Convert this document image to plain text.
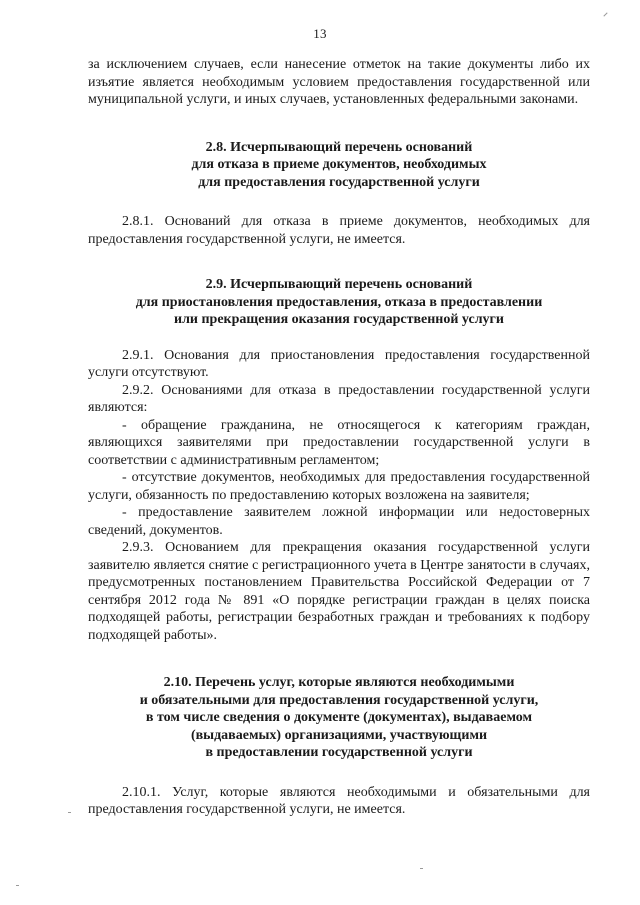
13

за исключением случаев, если нанесение отметок на такие документы либо их изъятие является необходимым условием предоставления государственной или муниципальной услуги, и иных случаев, установленных федеральными законами.

2.8. Исчерпывающий перечень оснований
для отказа в приеме документов, необходимых
для предоставления государственной услуги

2.8.1. Оснований для отказа в приеме документов, необходимых для предоставления государственной услуги, не имеется.

2.9. Исчерпывающий перечень оснований
для приостановления предоставления, отказа в предоставлении
или прекращения оказания государственной услуги

2.9.1. Основания для приостановления предоставления государственной услуги отсутствуют.

2.9.2. Основаниями для отказа в предоставлении государственной услуги являются:

- обращение гражданина, не относящегося к категориям граждан, являющихся заявителями при предоставлении государственной услуги в соответствии с административным регламентом;

- отсутствие документов, необходимых для предоставления государственной услуги, обязанность по предоставлению которых возложена на заявителя;

- предоставление заявителем ложной информации или недостоверных сведений, документов.

2.9.3. Основанием для прекращения оказания государственной услуги заявителю является снятие с регистрационного учета в Центре занятости в случаях, предусмотренных постановлением Правительства Российской Федерации от 7 сентября 2012 года № 891 «О порядке регистрации граждан в целях поиска подходящей работы, регистрации безработных граждан и требованиях к подбору подходящей работы».

2.10. Перечень услуг, которые являются необходимыми
и обязательными для предоставления государственной услуги,
в том числе сведения о документе (документах), выдаваемом
(выдаваемых) организациями, участвующими
в предоставлении государственной услуги

2.10.1. Услуг, которые являются необходимыми и обязательными для предоставления государственной услуги, не имеется.
